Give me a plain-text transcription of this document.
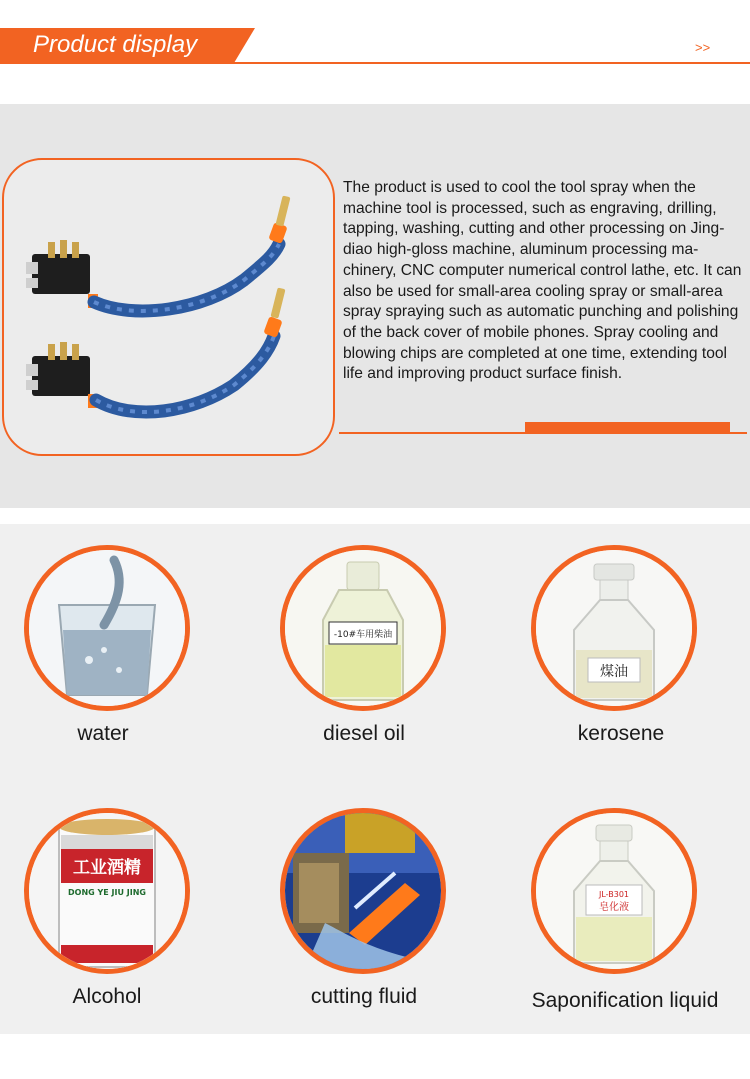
Product display	>>
The product is used to cool the tool spray when the machine tool is processed, such as engraving, drilling, tapping, washing, cutting and other processing on Jing-diao high-gloss machine, aluminum processing ma-chinery, CNC computer numerical control lathe, etc. It can also be used for small-area cooling spray or small-area spray spraying such as automatic punching and polishing of the back cover of mobile phones. Spray cooling and blowing chips are completed at one time, extending tool life and improving product surface finish.
water
-10#车用柴油
diesel oil
煤油
kerosene
工业酒精
DONG YE JIU JING
Alcohol	cutting fluid
JL-B301
皂化液
Saponification liquid
